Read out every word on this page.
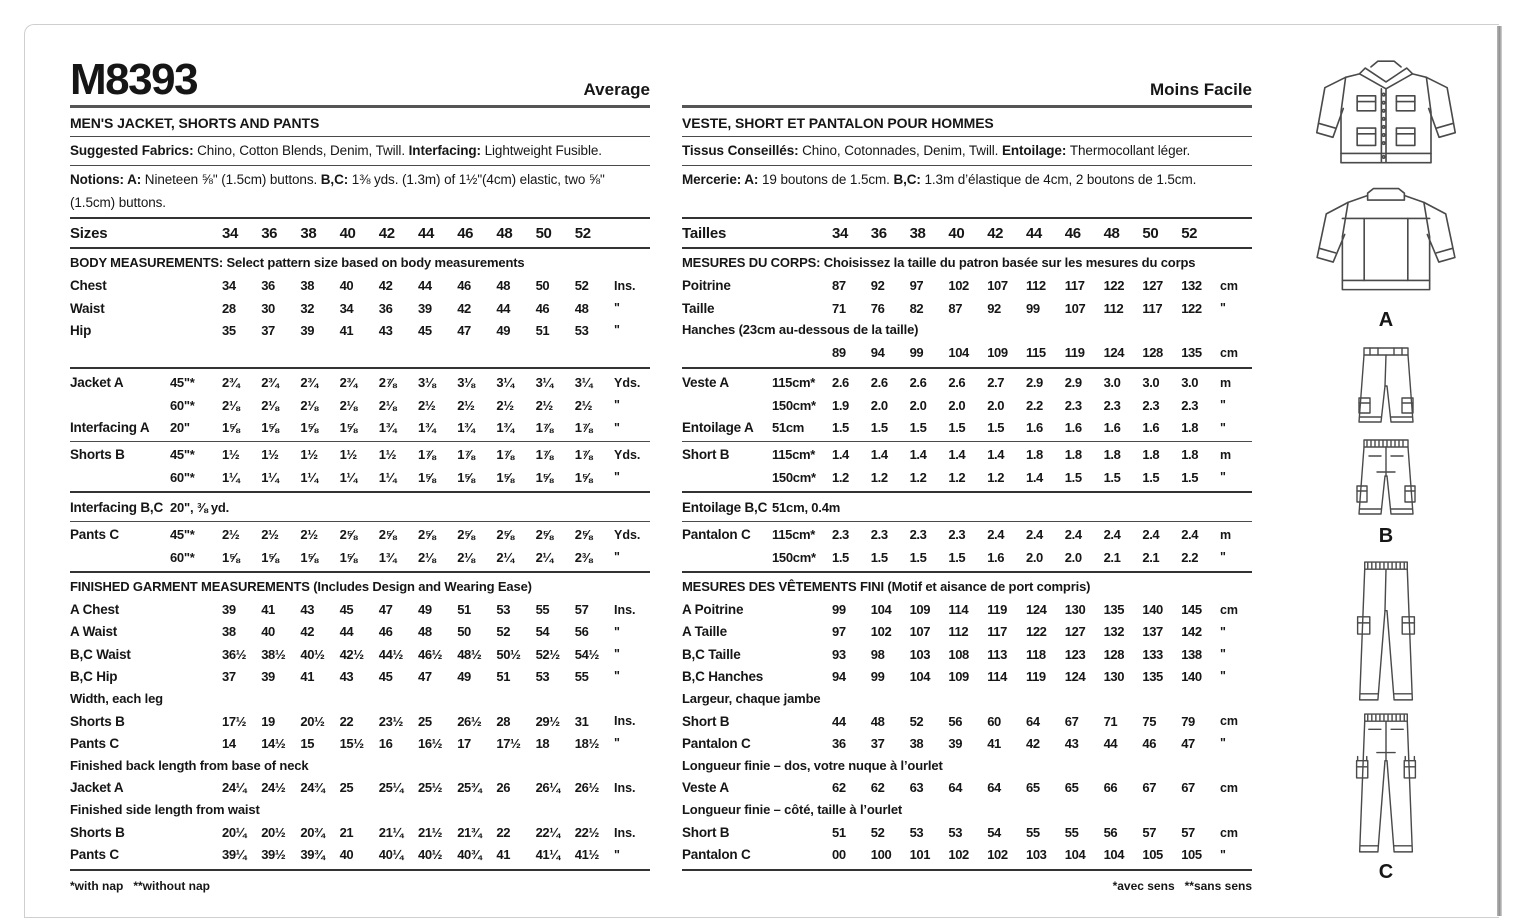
M8393	Average
MEN'S JACKET, SHORTS AND PANTS
Suggested Fabrics: Chino, Cotton Blends, Denim, Twill. Interfacing: Lightweight Fusible.
Notions: A: Nineteen ⅝" (1.5cm) buttons. B,C: 1⅜ yds. (1.3m) of 1½"(4cm) elastic, two ⅝" (1.5cm) buttons.
Sizes	34	36	38	40	42	44	46	48	50	52
BODY MEASUREMENTS: Select pattern size based on body measurements
Chest	34	36	38	40	42	44	46	48	50	52	Ins.
Waist	28	30	32	34	36	39	42	44	46	48	"
Hip	35	37	39	41	43	45	47	49	51	53	"
Jacket A	45"*	2¾	2¾	2¾	2¾	2⅞	3⅛	3⅛	3¼	3¼	3¼	Yds.
60"*	2⅛	2⅛	2⅛	2⅛	2⅛	2½	2½	2½	2½	2½	"
Interfacing A	20"	1⅝	1⅝	1⅝	1⅝	1¾	1¾	1¾	1¾	1⅞	1⅞	"
Shorts B	45"*	1½	1½	1½	1½	1½	1⅞	1⅞	1⅞	1⅞	1⅞	Yds.
60"*	1¼	1¼	1¼	1¼	1¼	1⅝	1⅝	1⅝	1⅝	1⅝	"
Interfacing B,C 20", ⅜ yd.
Pants C	45"*	2½	2½	2½	2⅝	2⅝	2⅝	2⅝	2⅝	2⅝	2⅝	Yds.
60"*	1⅝	1⅝	1⅝	1⅝	1¾	2⅛	2⅛	2¼	2¼	2⅜	"
FINISHED GARMENT MEASUREMENTS (Includes Design and Wearing Ease)
A Chest	39	41	43	45	47	49	51	53	55	57	Ins.
A Waist	38	40	42	44	46	48	50	52	54	56	"
B,C Waist	36½	38½	40½	42½	44½	46½	48½	50½	52½	54½	"
B,C Hip	37	39	41	43	45	47	49	51	53	55	"
Width, each leg
Shorts B	17½	19	20½	22	23½	25	26½	28	29½	31	Ins.
Pants C	14	14½	15	15½	16	16½	17	17½	18	18½	"
Finished back length from base of neck
Jacket A	24¼	24½	24¾	25	25¼	25½	25¾	26	26¼	26½	Ins.
Finished side length from waist
Shorts B	20¼	20½	20¾	21	21¼	21½	21¾	22	22¼	22½	Ins.
Pants C	39¼	39½	39¾	40	40¼	40½	40¾	41	41¼	41½	"
*with nap   **without nap
Moins Facile
VESTE, SHORT ET PANTALON POUR HOMMES
Tissus Conseillés: Chino, Cotonnades, Denim, Twill. Entoilage: Thermocollant léger.
Mercerie: A: 19 boutons de 1.5cm. B,C: 1.3m d’élastique de 4cm, 2 boutons de 1.5cm.
Tailles	34	36	38	40	42	44	46	48	50	52
MESURES DU CORPS: Choisissez la taille du patron basée sur les mesures du corps
Poitrine	87	92	97	102	107	112	117	122	127	132	cm
Taille	71	76	82	87	92	99	107	112	117	122	"
Hanches (23cm au-dessous de la taille)
89	94	99	104	109	115	119	124	128	135	cm
Veste A	115cm*	2.6	2.6	2.6	2.6	2.7	2.9	2.9	3.0	3.0	3.0	m
150cm*	1.9	2.0	2.0	2.0	2.0	2.2	2.3	2.3	2.3	2.3	"
Entoilage A	51cm	1.5	1.5	1.5	1.5	1.5	1.6	1.6	1.6	1.6	1.8	"
Short B	115cm*	1.4	1.4	1.4	1.4	1.4	1.8	1.8	1.8	1.8	1.8	m
150cm*	1.2	1.2	1.2	1.2	1.2	1.4	1.5	1.5	1.5	1.5	"
Entoilage B,C 51cm, 0.4m
Pantalon C	115cm*	2.3	2.3	2.3	2.3	2.4	2.4	2.4	2.4	2.4	2.4	m
150cm*	1.5	1.5	1.5	1.5	1.6	2.0	2.0	2.1	2.1	2.2	"
MESURES DES VÊTEMENTS FINI (Motif et aisance de port compris)
A Poitrine	99	104	109	114	119	124	130	135	140	145	cm
A Taille	97	102	107	112	117	122	127	132	137	142	"
B,C Taille	93	98	103	108	113	118	123	128	133	138	"
B,C Hanches	94	99	104	109	114	119	124	130	135	140	"
Largeur, chaque jambe
Short B	44	48	52	56	60	64	67	71	75	79	cm
Pantalon C	36	37	38	39	41	42	43	44	46	47	"
Longueur finie – dos, votre nuque à l’ourlet
Veste A	62	62	63	64	64	65	65	66	67	67	cm
Longueur finie – côté, taille à l’ourlet
Short B	51	52	53	53	54	55	55	56	57	57	cm
Pantalon C	00	100	101	102	102	103	104	104	105	105	"
*avec sens   **sans sens
A
B
C
